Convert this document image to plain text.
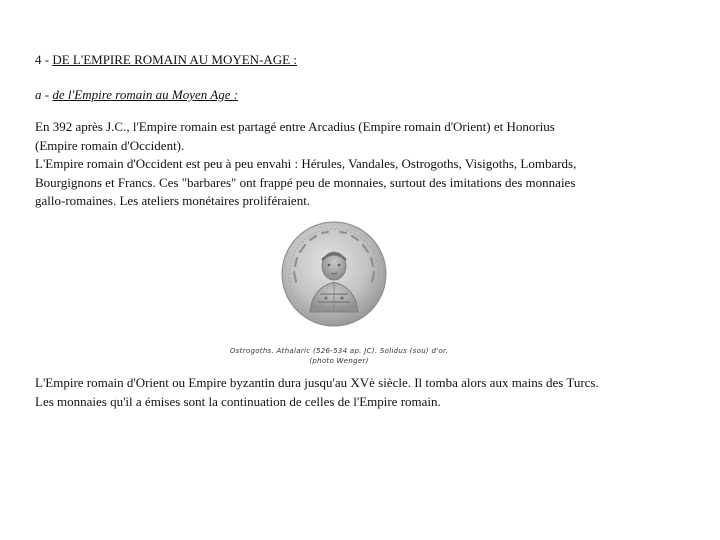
4 - DE L'EMPIRE ROMAIN AU MOYEN-AGE :
a - de l'Empire romain au Moyen Age :
En 392 après J.C., l'Empire romain est partagé entre Arcadius (Empire romain d'Orient) et Honorius
(Empire romain d'Occident).
L'Empire romain d'Occident est peu à peu envahi : Hérules, Vandales, Ostrogoths, Visigoths, Lombards,
Bourgignons et Francs. Ces "barbares" ont frappé peu de monnaies, surtout des imitations des monnaies
gallo-romaines. Les ateliers monétaires proliféraient.
Ostrogoths. Athalaric (526-534 ap. JC). Solidus (sou) d'or.
(photo Wenger)
L'Empire romain d'Orient ou Empire byzantin dura jusqu'au XVè siècle. Il tomba alors aux mains des Turcs.
Les monnaies qu'il a émises sont la continuation de celles de l'Empire romain.
